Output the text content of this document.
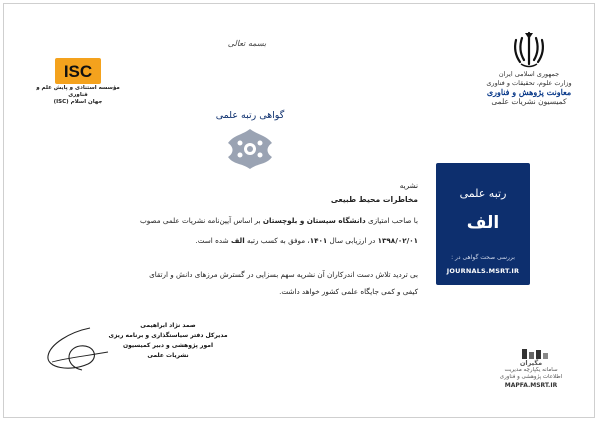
جمهوری اسلامی ایران
وزارت علوم، تحقیقات و فناوری
معاونت پژوهش و فناوری
کمیسیون نشریات علمی
رتبه علمی
الف
بررسی صحت گواهی در :
JOURNALS.MSRT.IR
مگیران
سامانه یکپارچه مدیریت
اطلاعات پژوهشی و فناوری
MAPFA.MSRT.IR
بسمه تعالی
ISC
مؤسسه استنادی و پایش علم و فناوری
جهان اسلام (ISC)
گواهی رتبه علمی
نشریه
مخاطرات محیط طبیعی
با صاحب امتیازی دانشگاه سیستان و بلوچستان بر اساس آیین‌نامه نشریات علمی مصوب
۱۳۹۸/۰۲/۰۱ در ارزیابی سال ۱۴۰۱، موفق به کسب رتبه الف شده است.
بی تردید تلاش دست اندرکاران آن نشریه سهم بسزایی در گسترش مرزهای دانش و ارتقای
کیفی و کمی جایگاه علمی کشور خواهد داشت.
صمد نژاد ابراهیمی
مدیرکل دفتر سیاستگذاری و برنامه ریزی
امور پژوهشی و دبیر کمیسیون
نشریات علمی
